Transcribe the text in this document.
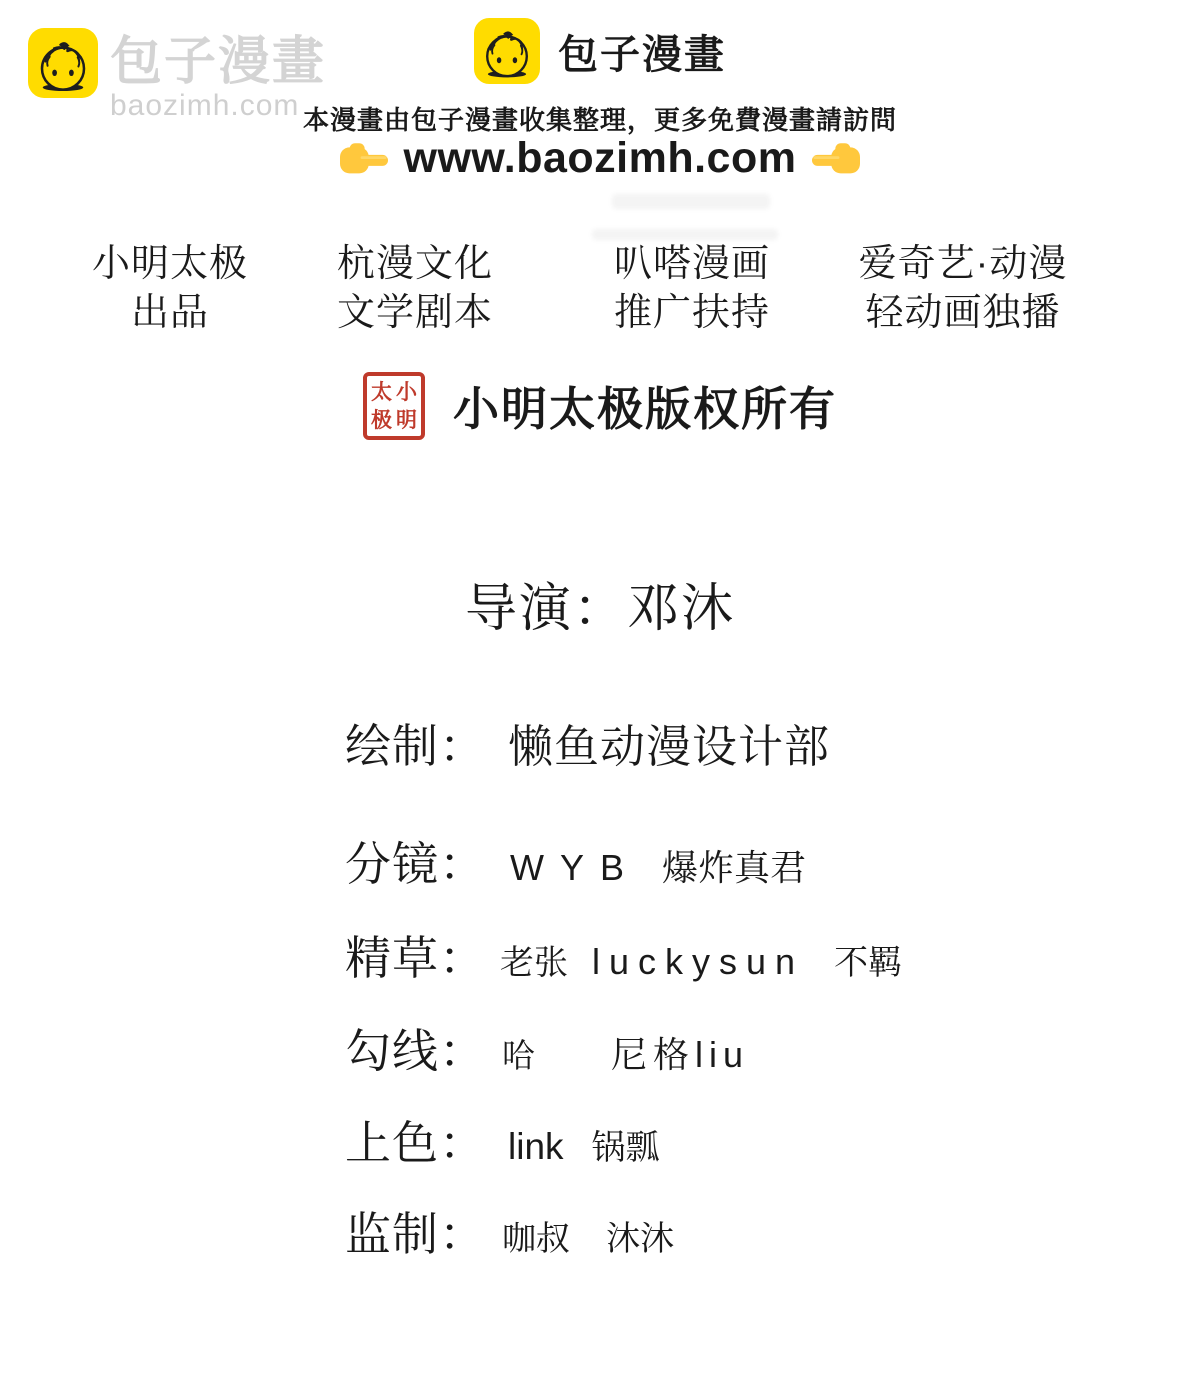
包子漫畫
baozimh.com
包子漫畫
本漫畫由包子漫畫收集整理，更多免費漫畫請訪問
www.baozimh.com
小明太极
出品
杭漫文化
文学剧本
叭嗒漫画
推广扶持
爱奇艺·动漫
轻动画独播
太 小
极 明 小明太极版权所有
导演：邓沐
绘制： 懒鱼动漫设计部
分镜： WYB 爆炸真君
精草： 老张 luckysun 不羁
勾线： 哈 尼格liu
上色： link 锅瓢
监制： 咖叔 沐沐
